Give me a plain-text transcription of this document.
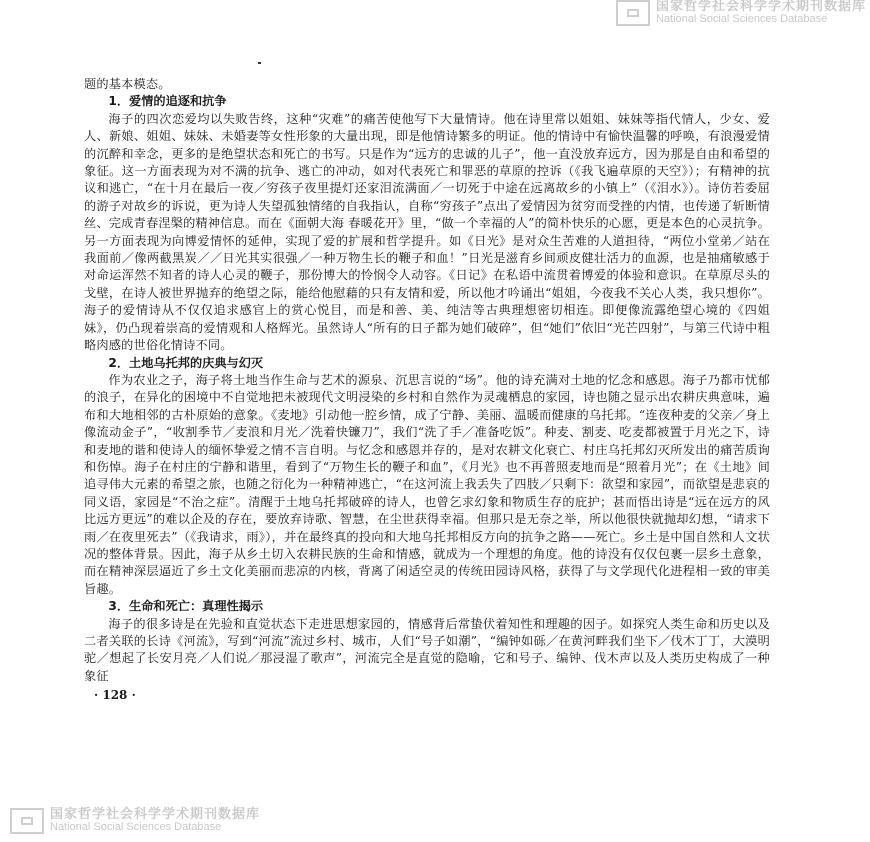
国家哲学社会科学学术期刊数据库
National Social Sciences Database

题的基本模态。

1．爱情的追逐和抗争

海子的四次恋爱均以失败告终，这种“灾难”的痛苦使他写下大量情诗。他在诗里常以姐姐、妹妹等指代情人，少女、爱人、新娘、姐姐、妹妹、未婚妻等女性形象的大量出现，即是他情诗繁多的明证。他的情诗中有愉快温馨的呼唤，有浪漫爱情的沉醉和幸念，更多的是绝望状态和死亡的书写。只是作为“远方的忠诚的儿子”，他一直没放弃远方，因为那是自由和希望的象征。这一方面表现为对不满的抗争、逃亡的冲动，如对代表死亡和罪恶的草原的控诉（《我飞遍草原的天空》）；有精神的抗议和逃亡，“在十月在最后一夜／穷孩子夜里提灯还家泪流满面／一切死于中途在远离故乡的小镇上”（《泪水》）。诗仿若委屈的游子对故乡的诉说，更为诗人失望孤独情绪的自我指认，自称“穷孩子”点出了爱情因为贫穷而受挫的内情，也传递了斩断情丝、完成青春涅槃的精神信息。而在《面朝大海 春暖花开》里，“做一个幸福的人”的简朴快乐的心愿，更是本色的心灵抗争。另一方面表现为向博爱情怀的延伸，实现了爱的扩展和哲学提升。如《日光》是对众生苦难的人道担待，“两位小堂弟／站在我面前／像两截黑炭／／日光其实很强／一种万物生长的鞭子和血！”日光是滋育乡间顽皮健壮活力的血源，也是抽痛敏感于对命运浑然不知者的诗人心灵的鞭子，那份博大的怜悯令人动容。《日记》在私语中流贯着博爱的体验和意识。在草原尽头的戈壁，在诗人被世界抛弃的绝望之际，能给他慰藉的只有友情和爱，所以他才吟诵出“姐姐，今夜我不关心人类，我只想你”。海子的爱情诗从不仅仅追求感官上的赏心悦目，而是和善、美、纯洁等古典理想密切相连。即便像流露绝望心境的《四姐妹》，仍凸现着崇高的爱情观和人格辉光。虽然诗人“所有的日子都为她们破碎”，但“她们”依旧“光芒四射”，与第三代诗中粗略肉感的世俗化情诗不同。

2．土地乌托邦的庆典与幻灭

作为农业之子，海子将土地当作生命与艺术的源泉、沉思言说的“场”。他的诗充满对土地的忆念和感恩。海子乃都市忧郁的浪子，在异化的困境中不自觉地把未被现代文明浸染的乡村和自然作为灵魂栖息的家园，诗也随之显示出农耕庆典意味，遍布和大地相邻的古朴原始的意象。《麦地》引动他一腔乡情，成了宁静、美丽、温暖而健康的乌托邦。“连夜种麦的父亲／身上像流动金子”，“收割季节／麦浪和月光／洗着快镰刀”，我们“洗了手／准备吃饭”。种麦、割麦、吃麦都被置于月光之下，诗和麦地的谐和使诗人的缅怀挚爱之情不言自明。与忆念和感恩并存的，是对农耕文化衰亡、村庄乌托邦幻灭所发出的痛苦质询和伤悼。海子在村庄的宁静和谐里，看到了“万物生长的鞭子和血”，《月光》也不再普照麦地而是“照着月光”；在《土地》间追寻伟大元素的希望之旅，也随之衍化为一种精神逃亡，“在这河流上我丢失了四肢／只剩下：欲望和家园”，而欲望是悲哀的同义语，家园是“不治之症”。清醒于土地乌托邦破碎的诗人，也曾乞求幻象和物质生存的庇护；甚而悟出诗是“远在远方的风比远方更远”的难以企及的存在，要放弃诗歌、智慧，在尘世获得幸福。但那只是无奈之举，所以他很快就抛却幻想，“请求下雨／在夜里死去”（《我请求，雨》），并在最终真的投向和大地乌托邦相反方向的抗争之路——死亡。乡土是中国自然和人文状况的整体背景。因此，海子从乡土切入农耕民族的生命和情感，就成为一个理想的角度。他的诗没有仅仅包裹一层乡土意象，而在精神深层逼近了乡土文化美丽而悲凉的内核，背离了闲适空灵的传统田园诗风格，获得了与文学现代化进程相一致的审美旨趣。

3．生命和死亡：真理性揭示

海子的很多诗是在先验和直觉状态下走进思想家园的，情感背后常蛰伏着知性和理趣的因子。如探究人类生命和历史以及二者关联的长诗《河流》，写到“河流”流过乡村、城市，人们“号子如潮”，“编钟如砾／在黄河畔我们坐下／伐木丁丁，大漠明驼／想起了长安月亮／人们说／那浸湿了歌声”，河流完全是直觉的隐喻，它和号子、编钟、伐木声以及人类历史构成了一种象征

· 128 ·
国家哲学社会科学学术期刊数据库
National Social Sciences Database
